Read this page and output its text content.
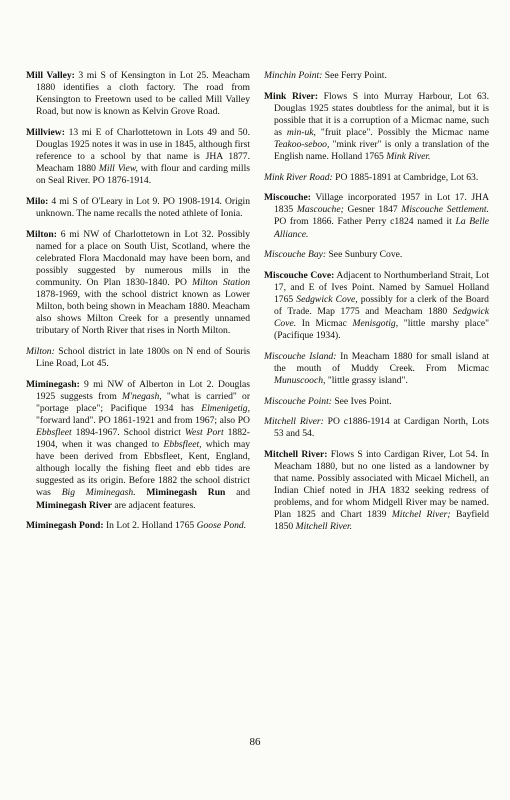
Mill Valley: 3 mi S of Kensington in Lot 25. Meacham 1880 identifies a cloth factory. The road from Kensington to Freetown used to be called Mill Valley Road, but now is known as Kelvin Grove Road.

Millview: 13 mi E of Charlottetown in Lots 49 and 50. Douglas 1925 notes it was in use in 1845, although first reference to a school by that name is JHA 1877. Meacham 1880 Mill View, with flour and carding mills on Seal River. PO 1876-1914.

Milo: 4 mi S of O'Leary in Lot 9. PO 1908-1914. Origin unknown. The name recalls the noted athlete of Ionia.

Milton: 6 mi NW of Charlottetown in Lot 32. Possibly named for a place on South Uist, Scotland, where the celebrated Flora Macdonald may have been born, and possibly suggested by numerous mills in the community. On Plan 1830-1840. PO Milton Station 1878-1969, with the school district known as Lower Milton, both being shown in Meacham 1880. Meacham also shows Milton Creek for a presently unnamed tributary of North River that rises in North Milton.

Milton: School district in late 1800s on N end of Souris Line Road, Lot 45.

Miminegash: 9 mi NW of Alberton in Lot 2. Douglas 1925 suggests from M'negash, "what is carried" or "portage place"; Pacifique 1934 has Elmenigetig, "forward land". PO 1861-1921 and from 1967; also PO Ebbsfleet 1894-1967. School district West Port 1882-1904, when it was changed to Ebbsfleet, which may have been derived from Ebbsfleet, Kent, England, although locally the fishing fleet and ebb tides are suggested as its origin. Before 1882 the school district was Big Miminegash. Miminegash Run and Miminegash River are adjacent features.

Miminegash Pond: In Lot 2. Holland 1765 Goose Pond.

Minchin Point: See Ferry Point.

Mink River: Flows S into Murray Harbour, Lot 63. Douglas 1925 states doubtless for the animal, but it is possible that it is a corruption of a Micmac name, such as min-uk, "fruit place". Possibly the Micmac name Teakoo-seboo, "mink river" is only a translation of the English name. Holland 1765 Mink River.

Mink River Road: PO 1885-1891 at Cambridge, Lot 63.

Miscouche: Village incorporated 1957 in Lot 17. JHA 1835 Mascouche; Gesner 1847 Miscouche Settlement. PO from 1866. Father Perry c1824 named it La Belle Alliance.

Miscouche Bay: See Sunbury Cove.

Miscouche Cove: Adjacent to Northumberland Strait, Lot 17, and E of Ives Point. Named by Samuel Holland 1765 Sedgwick Cove, possibly for a clerk of the Board of Trade. Map 1775 and Meacham 1880 Sedgwick Cove. In Micmac Menisgotig, "little marshy place" (Pacifique 1934).

Miscouche Island: In Meacham 1880 for small island at the mouth of Muddy Creek. From Micmac Munuscooch, "little grassy island".

Miscouche Point: See Ives Point.

Mitchell River: PO c1886-1914 at Cardigan North, Lots 53 and 54.

Mitchell River: Flows S into Cardigan River, Lot 54. In Meacham 1880, but no one listed as a landowner by that name. Possibly associated with Micael Michell, an Indian Chief noted in JHA 1832 seeking redress of problems, and for whom Midgell River may be named. Plan 1825 and Chart 1839 Mitchel River; Bayfield 1850 Mitchell River.

86
